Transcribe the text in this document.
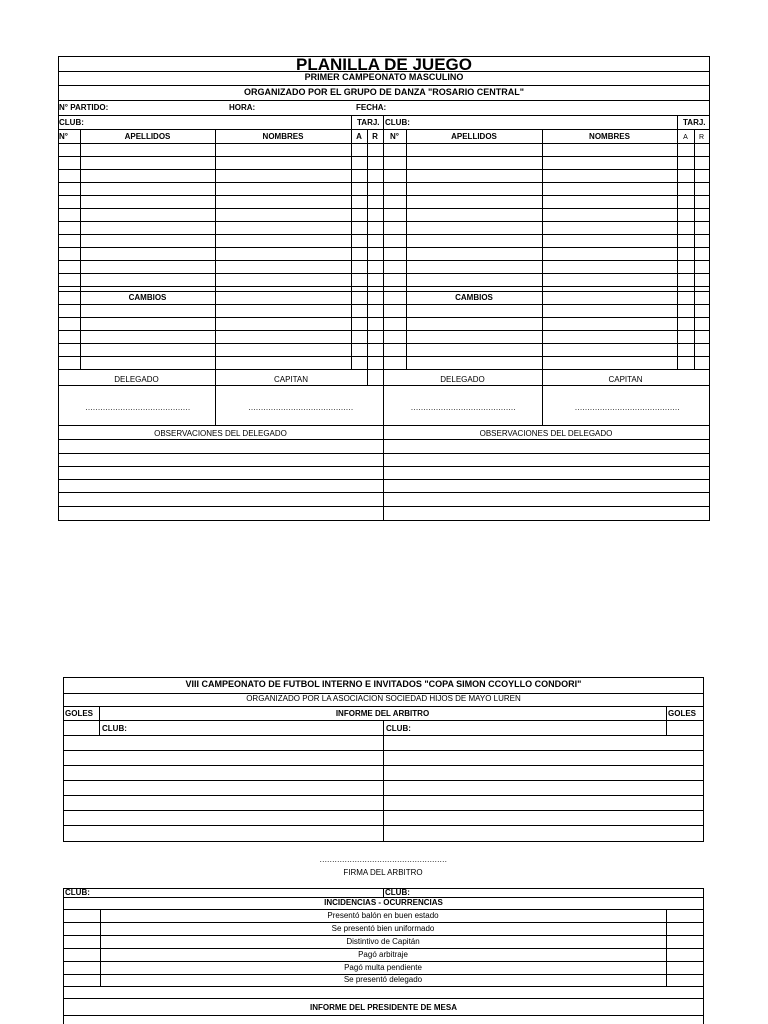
PLANILLA DE JUEGO
PRIMER CAMPEONATO MASCULINO
ORGANIZADO POR EL GRUPO DE DANZA "ROSARIO CENTRAL"
N° PARTIDO:	HORA:	FECHA:
CLUB:	TARJ. CLUB:	TARJ.
N°	APELLIDOS	NOMBRES	A	R	N°	APELLIDOS	NOMBRES	A	R
CAMBIOS	CAMBIOS
DELEGADO	CAPITAN	DELEGADO	CAPITAN
……………………………………	……………………………………	……………………………………	……………………………………
OBSERVACIONES DEL DELEGADO	OBSERVACIONES DEL DELEGADO
VIII CAMPEONATO DE FUTBOL INTERNO E INVITADOS "COPA SIMON CCOYLLO CONDORI"
ORGANIZADO POR LA ASOCIACION SOCIEDAD HIJOS DE MAYO LUREN
GOLES	INFORME DEL ARBITRO	GOLES
CLUB:	CLUB:
……………………………………………
FIRMA DEL ARBITRO
CLUB:	CLUB:
INCIDENCIAS - OCURRENCIAS
Presentó balón en buen estado
Se presentó bien uniformado
Distintivo de Capitán
Pagó arbitraje
Pagó multa pendiente
Se presentó delegado
INFORME DEL PRESIDENTE DE MESA
